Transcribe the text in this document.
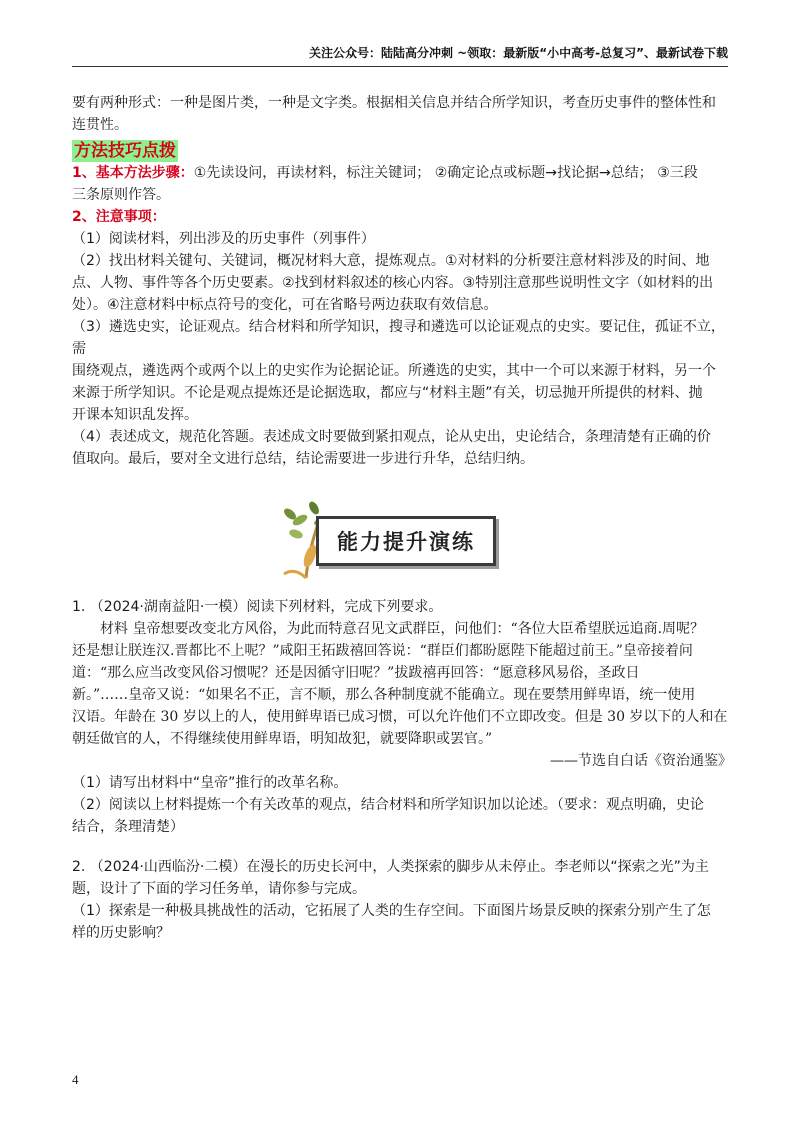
关注公众号：陆陆高分冲刺 ~领取：最新版“小中高考-总复习”、最新试卷下载

要有两种形式：一种是图片类，一种是文字类。根据相关信息并结合所学知识，考查历史事件的整体性和

连贯性。

方法技巧点拨

1、基本方法步骤：①先读设问，再读材料，标注关键词； ②确定论点或标题→找论据→总结； ③三段

三条原则作答。

2、注意事项：

（1）阅读材料，列出涉及的历史事件（列事件）

（2）找出材料关键句、关键词，概况材料大意，提炼观点。①对材料的分析要注意材料涉及的时间、地

点、人物、事件等各个历史要素。②找到材料叙述的核心内容。③特别注意那些说明性文字（如材料的出

处）。④注意材料中标点符号的变化，可在省略号两边获取有效信息。

（3）遴选史实，论证观点。结合材料和所学知识，搜寻和遴选可以论证观点的史实。要记住，孤证不立，

需

围绕观点，遴选两个或两个以上的史实作为论据论证。所遴选的史实，其中一个可以来源于材料，另一个

来源于所学知识。不论是观点提炼还是论据选取，都应与“材料主题”有关，切忌抛开所提供的材料、抛

开课本知识乱发挥。

（4）表述成文，规范化答题。表述成文时要做到紧扣观点，论从史出，史论结合，条理清楚有正确的价

值取向。最后，要对全文进行总结，结论需要进一步进行升华，总结归纳。

能力提升演练

1. （2024·湖南益阳·一模）阅读下列材料，完成下列要求。

材料 皇帝想要改变北方风俗，为此而特意召见文武群臣，问他们：“各位大臣希望朕远追商.周呢？

还是想让朕连汉.晋都比不上呢？”咸阳王拓跋禧回答说：“群臣们都盼愿陛下能超过前王。”皇帝接着问

道：“那么应当改变风俗习惯呢？还是因循守旧呢？”拔跋禧再回答：“愿意移风易俗，圣政日

新。”……皇帝又说：“如果名不正，言不顺，那么各种制度就不能确立。现在要禁用鲜卑语，统一使用

汉语。年龄在 30 岁以上的人，使用鲜卑语已成习惯，可以允许他们不立即改变。但是 30 岁以下的人和在

朝廷做官的人，不得继续使用鲜卑语，明知故犯，就要降职或罢官。”

——节选自白话《资治通鉴》

（1）请写出材料中“皇帝”推行的改革名称。

（2）阅读以上材料提炼一个有关改革的观点，结合材料和所学知识加以论述。（要求：观点明确，史论

结合，条理清楚）

2. （2024·山西临汾·二模）在漫长的历史长河中，人类探索的脚步从未停止。李老师以“探索之光”为主

题，设计了下面的学习任务单，请你参与完成。

（1）探索是一种极具挑战性的活动，它拓展了人类的生存空间。下面图片场景反映的探索分别产生了怎

样的历史影响？

4
